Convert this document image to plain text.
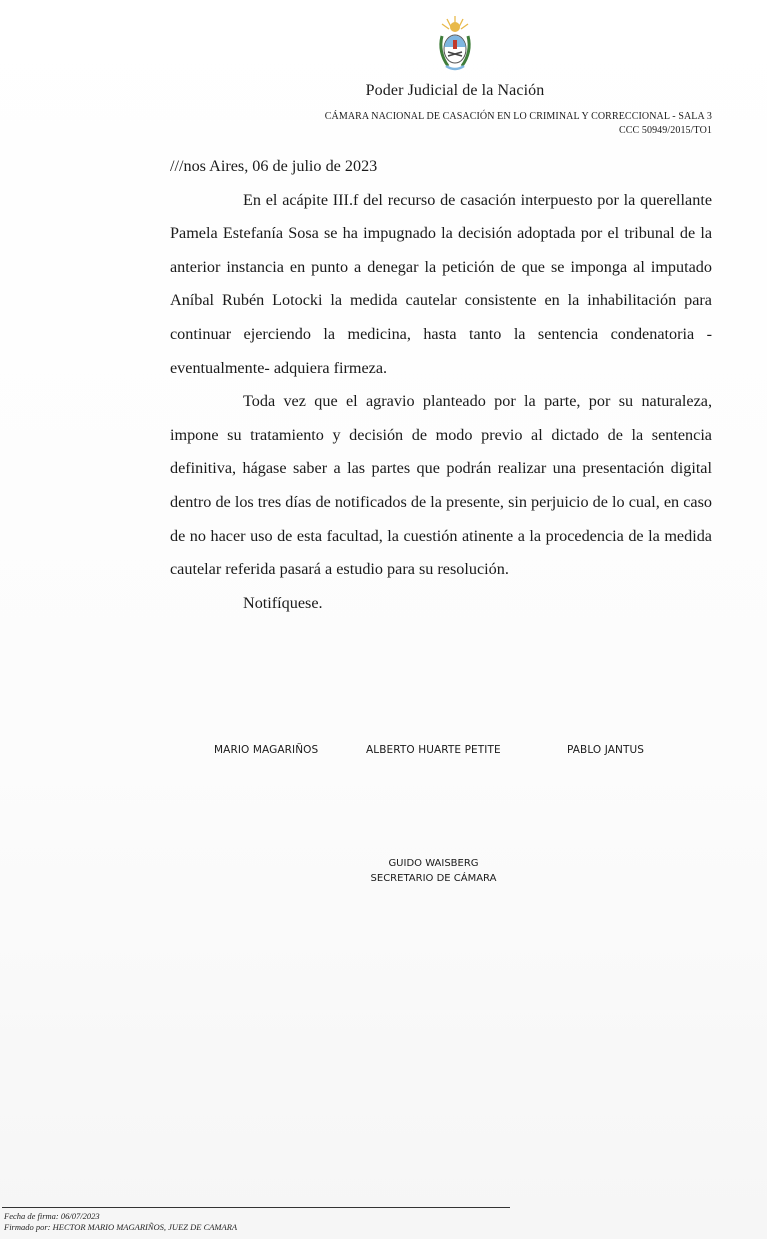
Poder Judicial de la Nación
CÁMARA NACIONAL DE CASACIÓN EN LO CRIMINAL Y CORRECCIONAL - SALA 3
CCC 50949/2015/TO1

///nos Aires, 06 de julio de 2023

En el acápite III.f del recurso de casación interpuesto por la querellante Pamela Estefanía Sosa se ha impugnado la decisión adoptada por el tribunal de la anterior instancia en punto a denegar la petición de que se imponga al imputado Aníbal Rubén Lotocki la medida cautelar consistente en la inhabilitación para continuar ejerciendo la medicina, hasta tanto la sentencia condenatoria -eventualmente- adquiera firmeza.

Toda vez que el agravio planteado por la parte, por su naturaleza, impone su tratamiento y decisión de modo previo al dictado de la sentencia definitiva, hágase saber a las partes que podrán realizar una presentación digital dentro de los tres días de notificados de la presente, sin perjuicio de lo cual, en caso de no hacer uso de esta facultad, la cuestión atinente a la procedencia de la medida cautelar referida pasará a estudio para su resolución.

Notifíquese.

MARIO MAGARIÑOS	ALBERTO HUARTE PETITE	PABLO JANTUS
GUIDO WAISBERG
SECRETARIO DE CÁMARA
Fecha de firma: 06/07/2023
Firmado por: HECTOR MARIO MAGARIÑOS, JUEZ DE CAMARA
